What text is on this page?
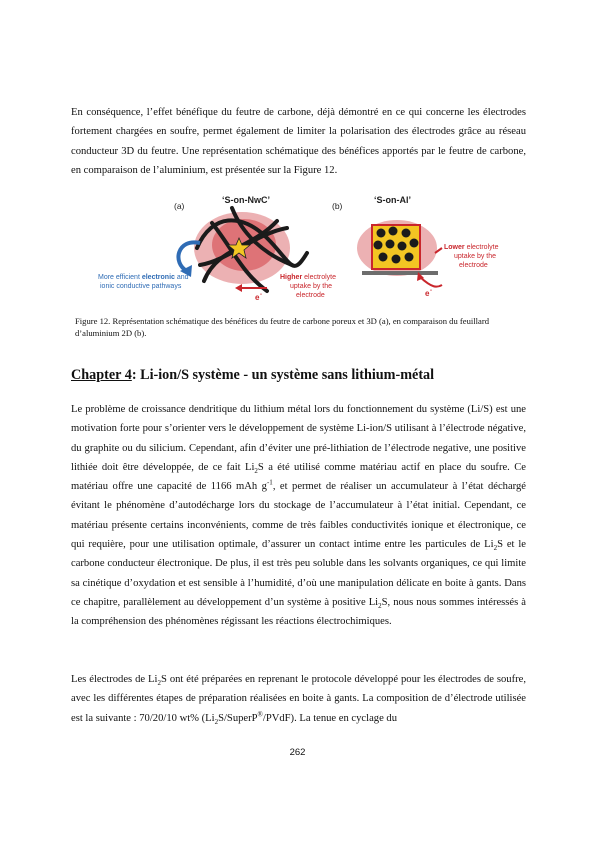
En conséquence, l’effet bénéfique du feutre de carbone, déjà démontré en ce qui concerne les électrodes fortement chargées en soufre, permet également de limiter la polarisation des électrodes grâce au réseau conducteur 3D du feutre. Une représentation schématique des bénéfices apportés par le feutre de carbone, en comparaison de l’aluminium, est présentée sur la Figure 12.

(a)
‘S-on-NwC’
e -
More efficient electronic and
ionic conductive pathways
Higher electrolyte
uptake by the
electrode
(b)
‘S-on-Al’
e -
Lower electrolyte
uptake by the
electrode

Figure 12. Représentation schématique des bénéfices du feutre de carbone poreux et 3D (a), en comparaison du feuillard d’aluminium 2D (b).

Chapter 4: Li-ion/S système - un système sans lithium-métal

Le problème de croissance dendritique du lithium métal lors du fonctionnement du système (Li/S) est une motivation forte pour s’orienter vers le développement de système Li-ion/S utilisant à l’électrode négative, du graphite ou du silicium. Cependant, afin d’éviter une pré-lithiation de l’électrode negative, une positive lithiée doit être développée, de ce fait $Li_2S$ a été utilisé comme matériau actif en place du soufre. Ce matériau offre une capacité de 1166 mAh $g^{-1}$, et permet de réaliser un accumulateur à l’état déchargé évitant le phénomène d’autodécharge lors du stockage de l’accumulateur à l’état initial. Cependant, ce matériau présente certains inconvénients, comme de très faibles conductivités ionique et électronique, ce qui requière, pour une utilisation optimale, d’assurer un contact intime entre les particules de $Li_2S$ et le carbone conducteur électronique. De plus, il est très peu soluble dans les solvants organiques, ce qui limite sa cinétique d’oxydation et est sensible à l’humidité, d’où une manipulation délicate en boite à gants. Dans ce chapitre, parallèlement au développement d’un système à positive $Li_2S$, nous nous sommes intéressés à la compréhension des phénomènes régissant les réactions électrochimiques.

Les électrodes de $Li_2S$ ont été préparées en reprenant le protocole développé pour les électrodes de soufre, avec les différentes étapes de préparation réalisées en boite à gants. La composition de d’électrode utilisée est la suivante : 70/20/10 wt% $(Li_2S/SuperP®/PVdF)$. La tenue en cyclage du

262
